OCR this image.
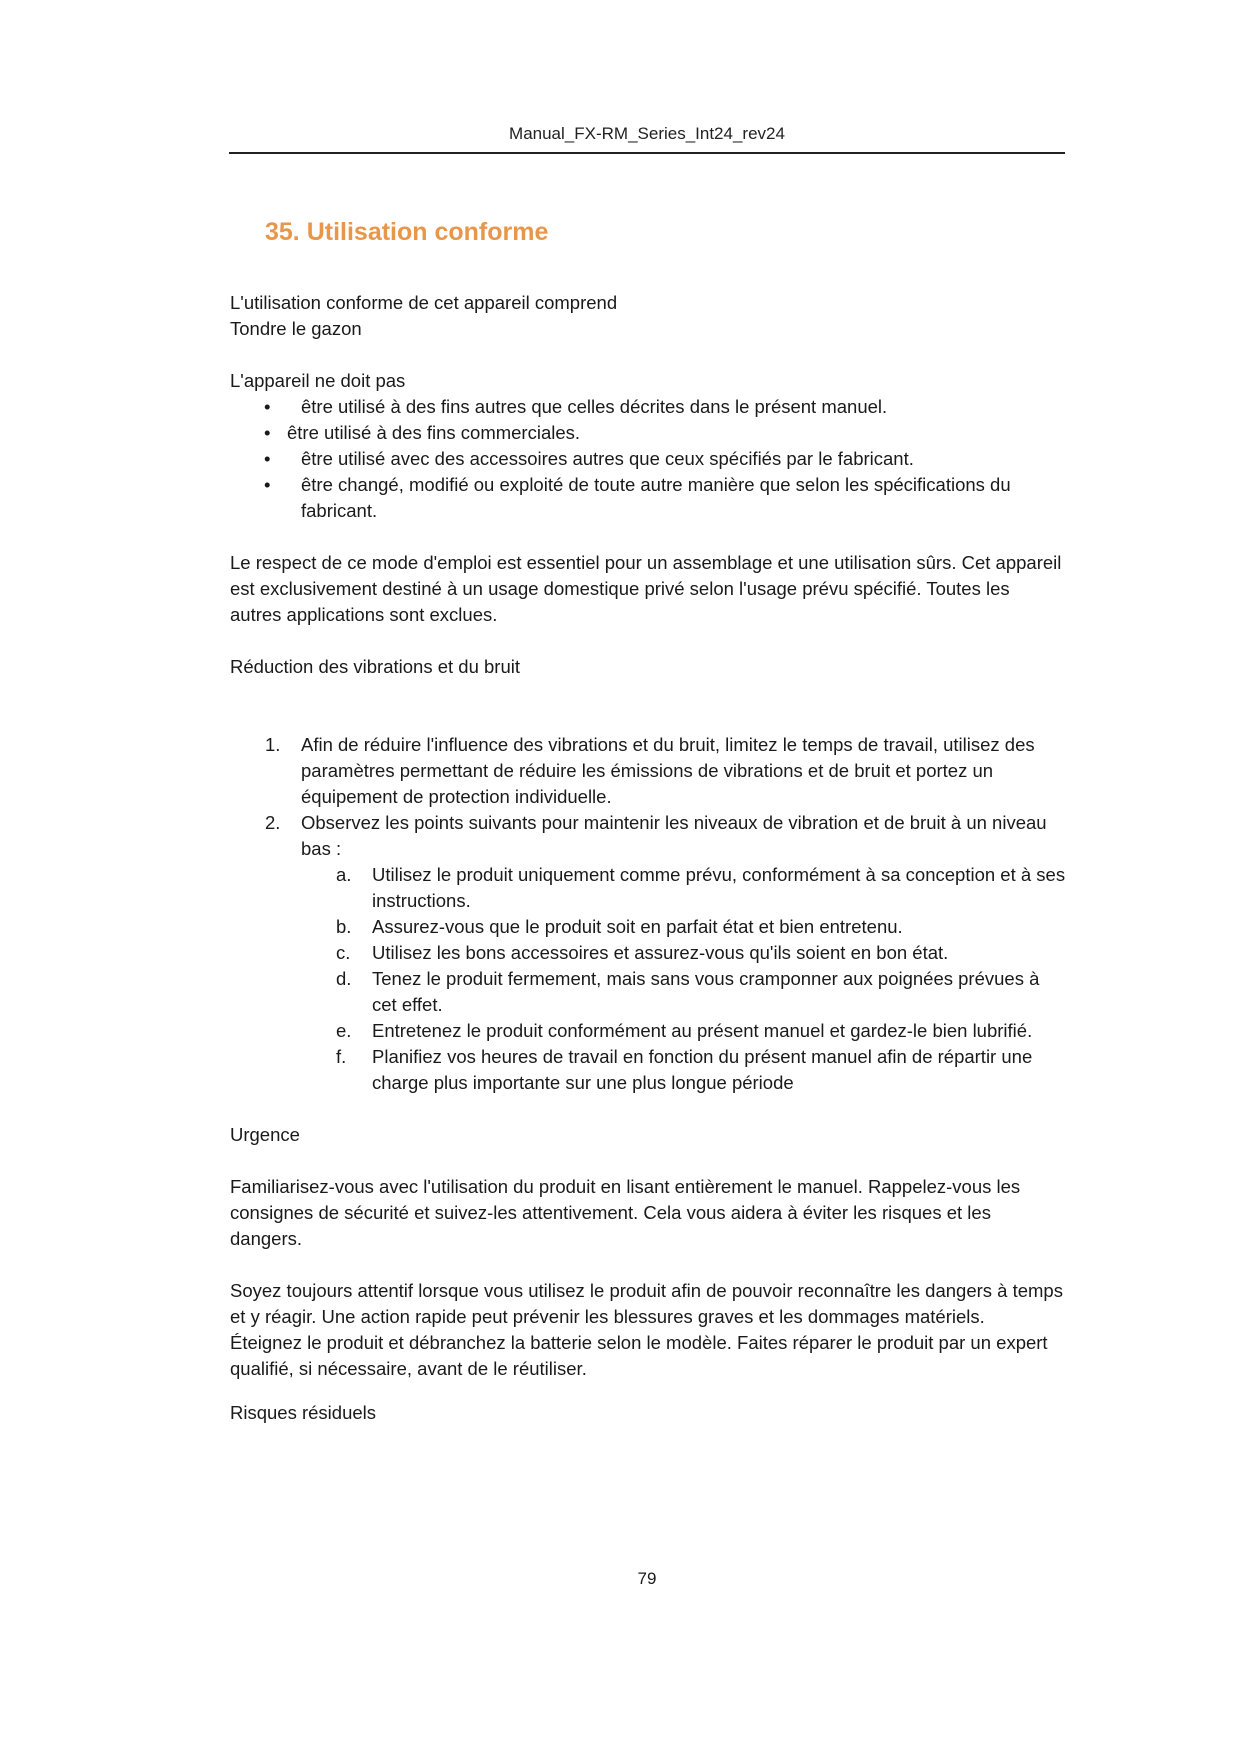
Manual_FX-RM_Series_Int24_rev24
35. Utilisation conforme

L'utilisation conforme de cet appareil comprend

Tondre le gazon

L'appareil ne doit pas

• être utilisé à des fins autres que celles décrites dans le présent manuel.
• être utilisé à des fins commerciales.
• être utilisé avec des accessoires autres que ceux spécifiés par le fabricant.
• être changé, modifié ou exploité de toute autre manière que selon les spécifications du fabricant.

Le respect de ce mode d'emploi est essentiel pour un assemblage et une utilisation sûrs. Cet appareil est exclusivement destiné à un usage domestique privé selon l'usage prévu spécifié. Toutes les autres applications sont exclues.

Réduction des vibrations et du bruit

1. Afin de réduire l'influence des vibrations et du bruit, limitez le temps de travail, utilisez des paramètres permettant de réduire les émissions de vibrations et de bruit et portez un équipement de protection individuelle.
2. Observez les points suivants pour maintenir les niveaux de vibration et de bruit à un niveau bas :
a. Utilisez le produit uniquement comme prévu, conformément à sa conception et à ses instructions.
b. Assurez-vous que le produit soit en parfait état et bien entretenu.
c. Utilisez les bons accessoires et assurez-vous qu'ils soient en bon état.
d. Tenez le produit fermement, mais sans vous cramponner aux poignées prévues à cet effet.
e. Entretenez le produit conformément au présent manuel et gardez-le bien lubrifié.
f. Planifiez vos heures de travail en fonction du présent manuel afin de répartir une charge plus importante sur une plus longue période

Urgence

Familiarisez-vous avec l'utilisation du produit en lisant entièrement le manuel. Rappelez-vous les consignes de sécurité et suivez-les attentivement. Cela vous aidera à éviter les risques et les dangers.

Soyez toujours attentif lorsque vous utilisez le produit afin de pouvoir reconnaître les dangers à temps et y réagir. Une action rapide peut prévenir les blessures graves et les dommages matériels.

Éteignez le produit et débranchez la batterie selon le modèle. Faites réparer le produit par un expert qualifié, si nécessaire, avant de le réutiliser.

Risques résiduels

79
